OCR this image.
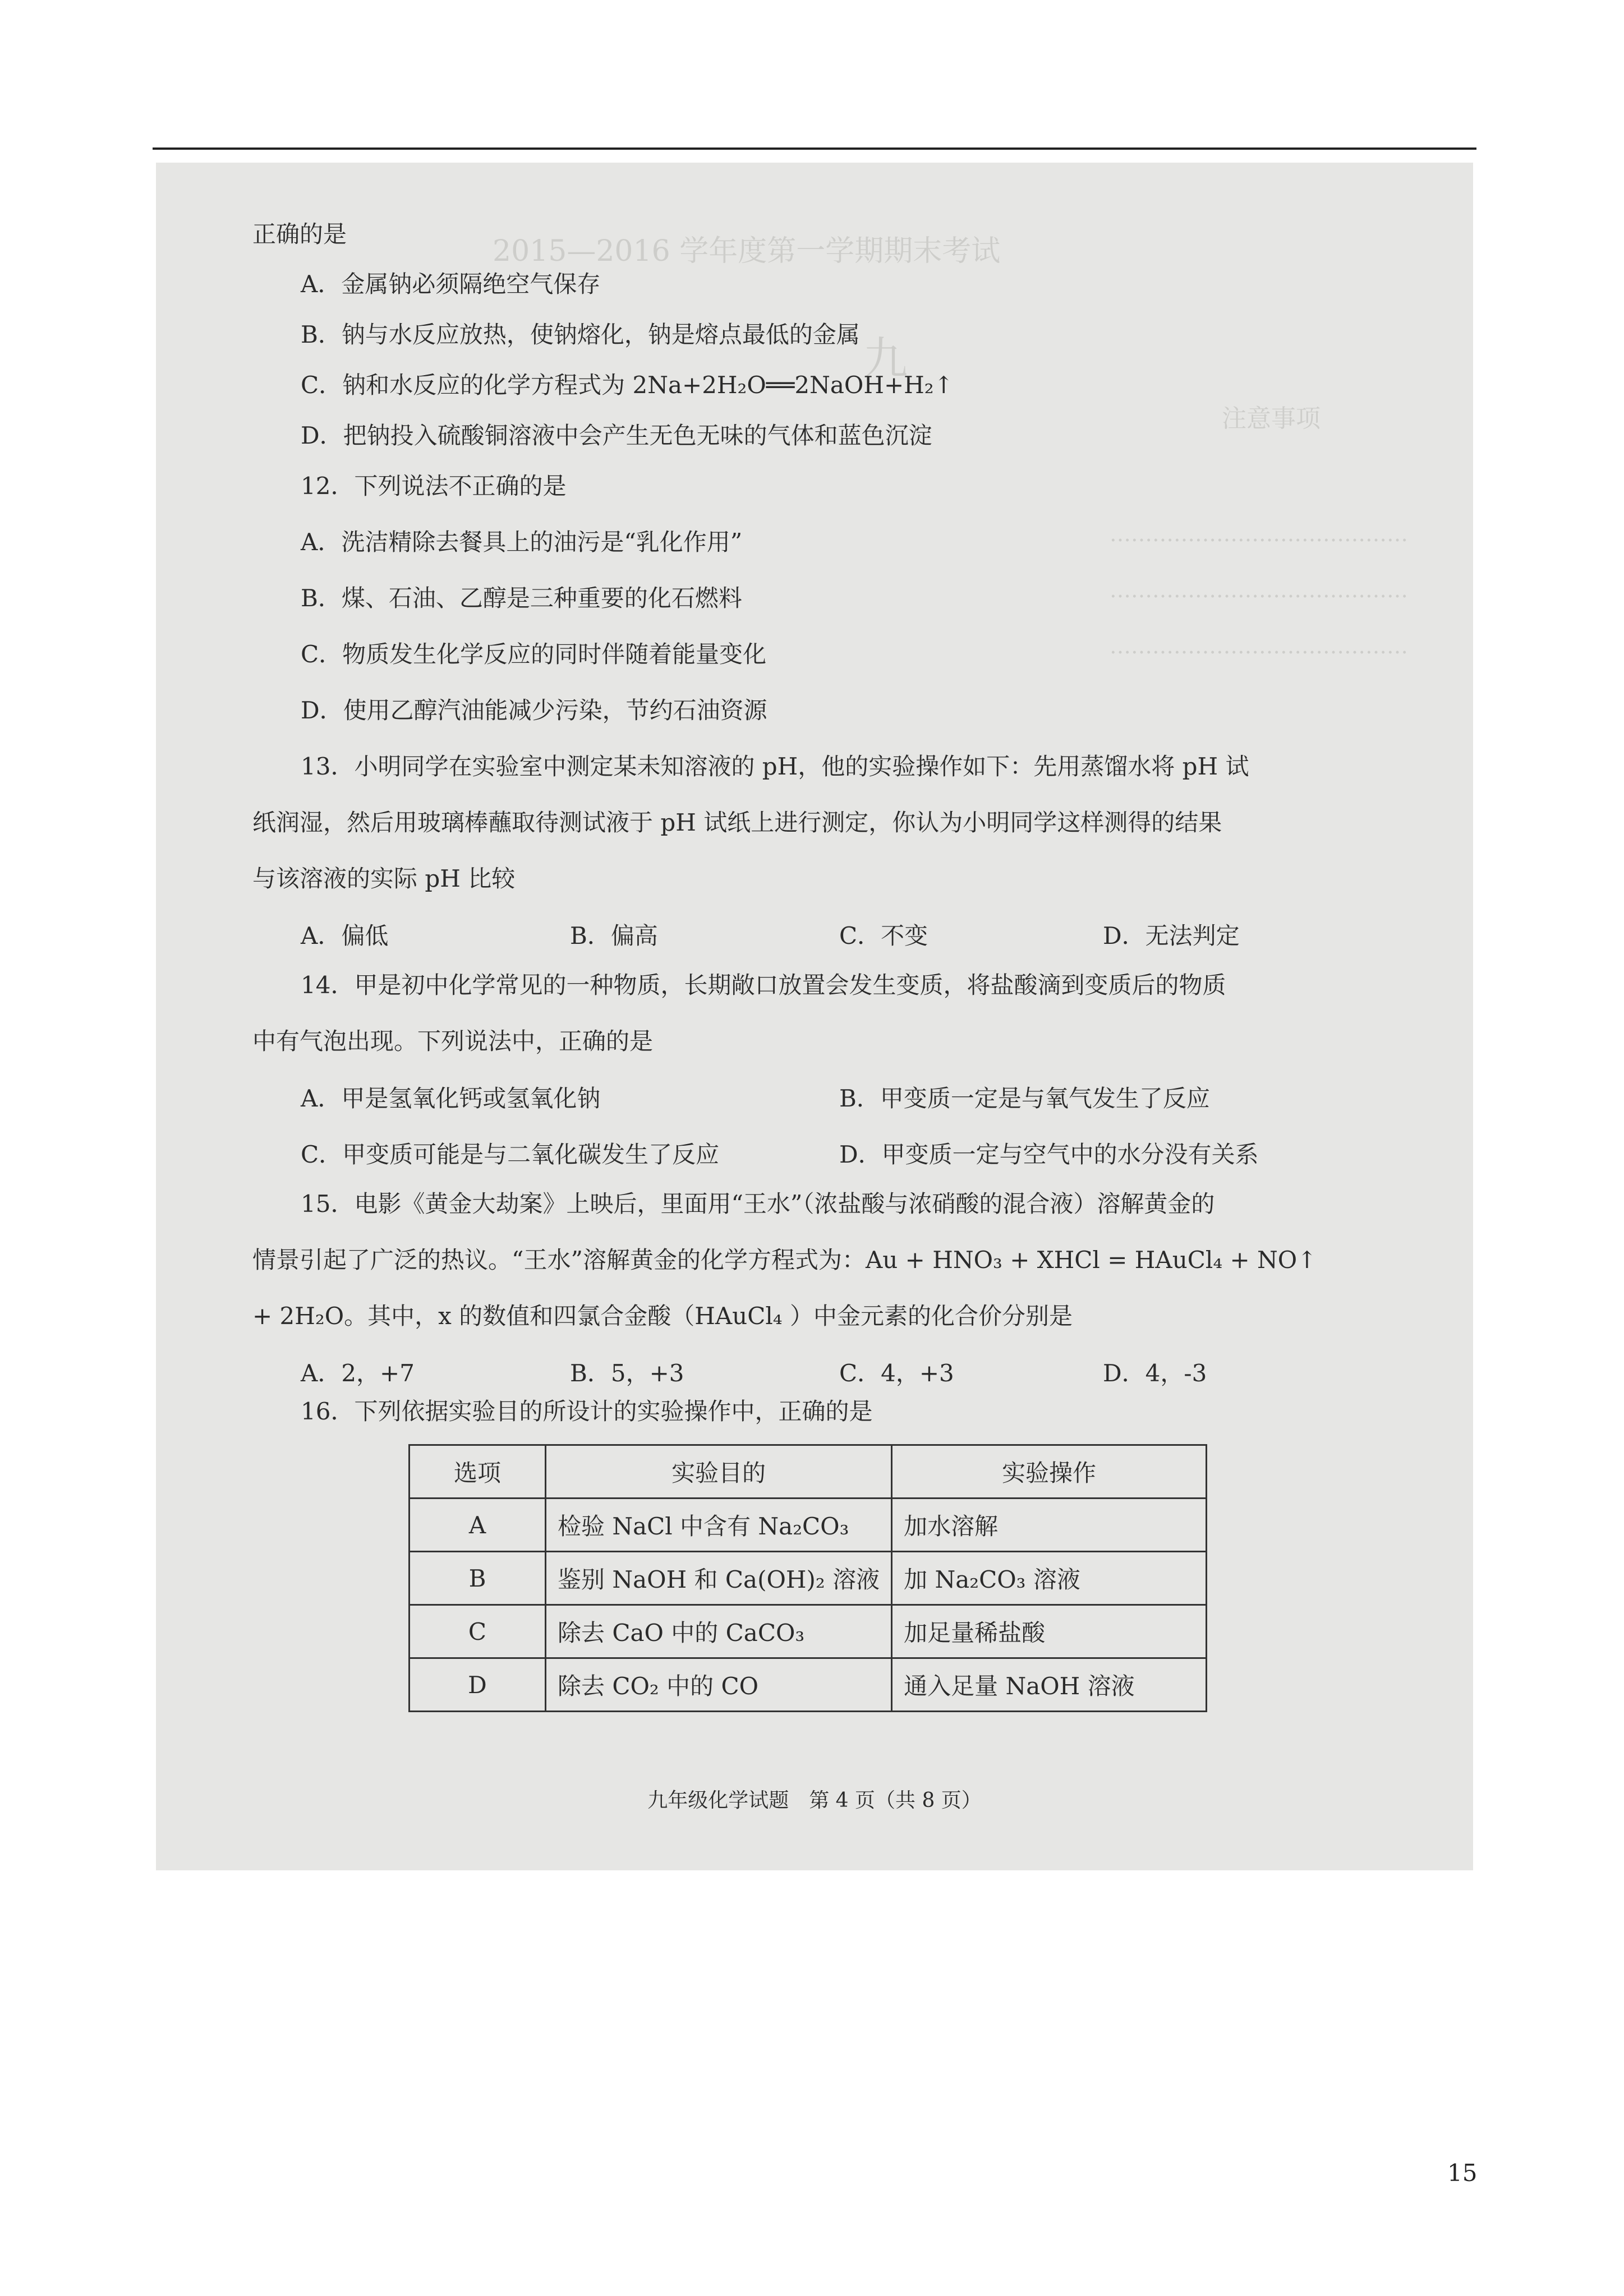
2015—2016 学年度第一学期期末考试
九
注意事项
……………………………………
……………………………………
……………………………………
正确的是
A．金属钠必须隔绝空气保存
B．钠与水反应放热，使钠熔化，钠是熔点最低的金属
C．钠和水反应的化学方程式为 2Na+2H₂O══2NaOH+H₂↑
D．把钠投入硫酸铜溶液中会产生无色无味的气体和蓝色沉淀
12．下列说法不正确的是
A．洗洁精除去餐具上的油污是“乳化作用”
B．煤、石油、乙醇是三种重要的化石燃料
C．物质发生化学反应的同时伴随着能量变化
D．使用乙醇汽油能减少污染，节约石油资源
13．小明同学在实验室中测定某未知溶液的 pH，他的实验操作如下：先用蒸馏水将 pH 试
纸润湿，然后用玻璃棒蘸取待测试液于 pH 试纸上进行测定，你认为小明同学这样测得的结果
与该溶液的实际 pH 比较
A．偏低	B．偏高	C．不变	D．无法判定
14．甲是初中化学常见的一种物质，长期敞口放置会发生变质，将盐酸滴到变质后的物质
中有气泡出现。下列说法中，正确的是
A．甲是氢氧化钙或氢氧化钠	B．甲变质一定是与氧气发生了反应
C．甲变质可能是与二氧化碳发生了反应	D．甲变质一定与空气中的水分没有关系
15．电影《黄金大劫案》上映后，里面用“王水”（浓盐酸与浓硝酸的混合液）溶解黄金的
情景引起了广泛的热议。“王水”溶解黄金的化学方程式为：Au + HNO₃ + XHCl = HAuCl₄ + NO↑
+ 2H₂O。其中，x 的数值和四氯合金酸（HAuCl₄ ）中金元素的化合价分别是
A．2，+7	B．5，+3	C．4，+3	D．4，-3
16．下列依据实验目的所设计的实验操作中，正确的是
选项	实验目的	实验操作
A	检验 NaCl 中含有 Na₂CO₃	加水溶解
B	鉴别 NaOH 和 Ca(OH)₂ 溶液	加 Na₂CO₃ 溶液
C	除去 CaO 中的 CaCO₃	加足量稀盐酸
D	除去 CO₂ 中的 CO	通入足量 NaOH 溶液
九年级化学试题　第 4 页（共 8 页）
15
